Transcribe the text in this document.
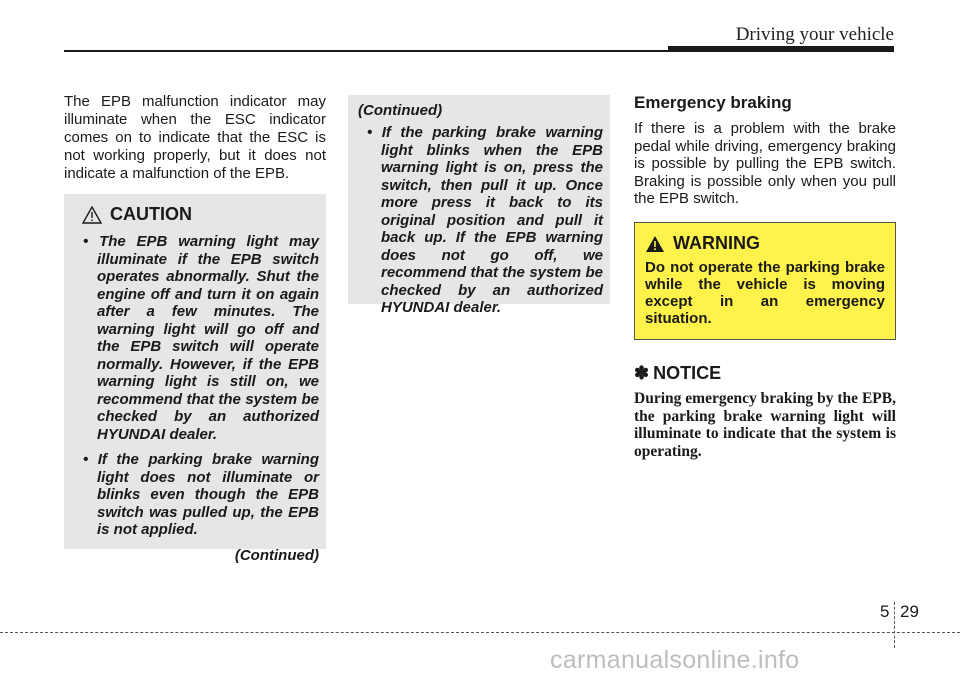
Driving your vehicle
The EPB malfunction indicator may illuminate when the ESC indicator comes on to indicate that the ESC is not working properly, but it does not indicate a malfunction of the EPB.
CAUTION
• The EPB warning light may illuminate if the EPB switch operates abnormally. Shut the engine off and turn it on again after a few minutes. The warning light will go off and the EPB switch will operate normally. However, if the EPB warning light is still on, we recommend that the system be checked by an authorized HYUNDAI dealer.
• If the parking brake warning light does not illuminate or blinks even though the EPB switch was pulled up, the EPB is not applied.
(Continued)
(Continued)
• If the parking brake warning light blinks when the EPB warning light is on, press the switch, then pull it up. Once more press it back to its original position and pull it back up. If the EPB warning does not go off, we recommend that the system be checked by an authorized HYUNDAI dealer.
Emergency braking
If there is a problem with the brake pedal while driving, emergency braking is possible by pulling the EPB switch. Braking is possible only when you pull the EPB switch.
WARNING
Do not operate the parking brake while the vehicle is moving except in an emergency situation.
✽ NOTICE
During emergency braking by the EPB, the parking brake warning light will illuminate to indicate that the system is operating.
5 29
carmanualsonline.info
